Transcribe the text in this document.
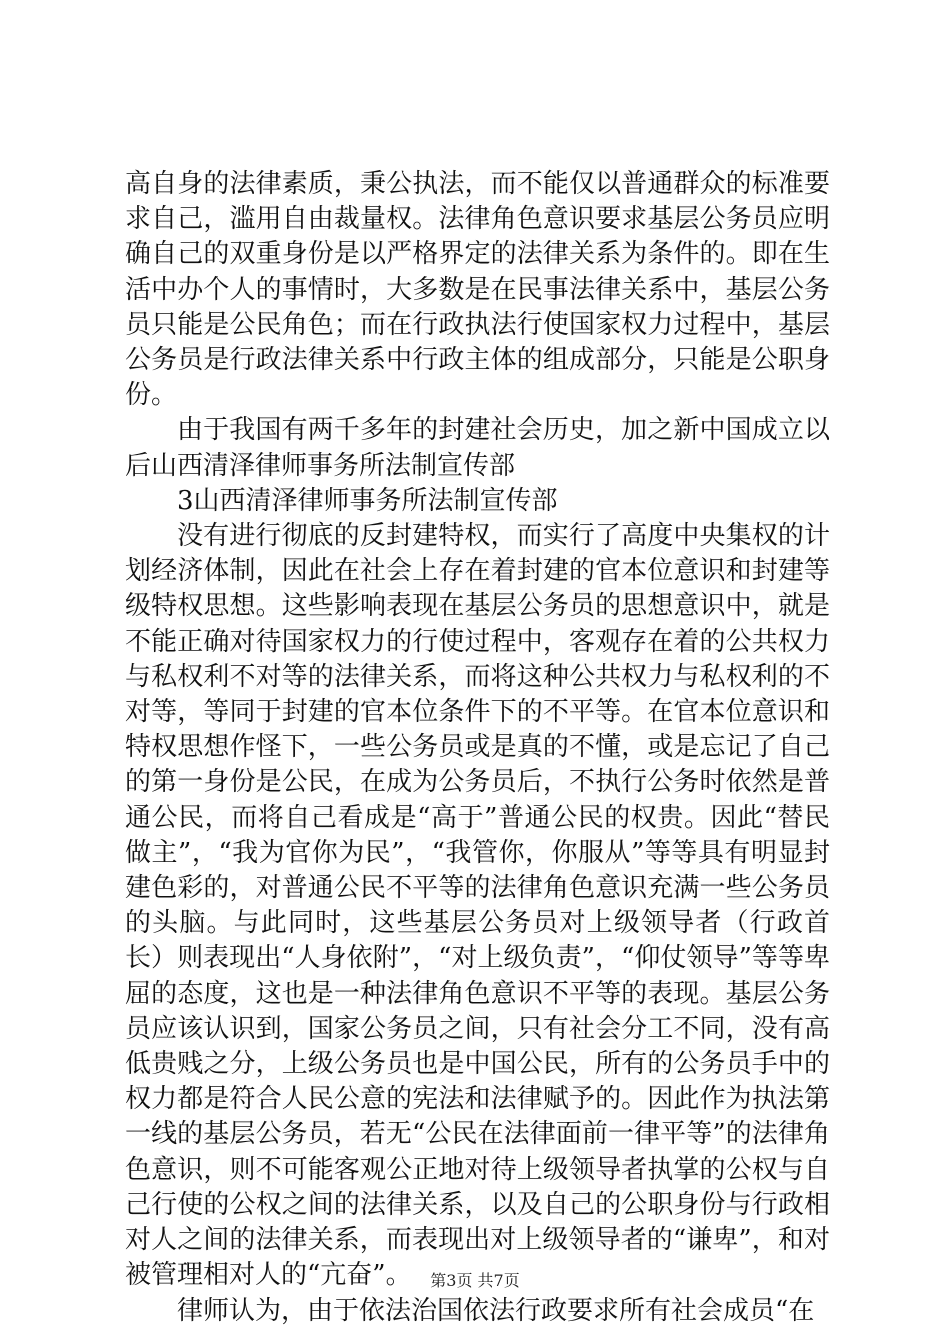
高自身的法律素质，秉公执法，而不能仅以普通群众的标准要求自己，滥用自由裁量权。法律角色意识要求基层公务员应明确自己的双重身份是以严格界定的法律关系为条件的。即在生活中办个人的事情时，大多数是在民事法律关系中，基层公务员只能是公民角色；而在行政执法行使国家权力过程中，基层公务员是行政法律关系中行政主体的组成部分，只能是公职身份。

由于我国有两千多年的封建社会历史，加之新中国成立以后山西清泽律师事务所法制宣传部

3山西清泽律师事务所法制宣传部

没有进行彻底的反封建特权，而实行了高度中央集权的计划经济体制，因此在社会上存在着封建的官本位意识和封建等级特权思想。这些影响表现在基层公务员的思想意识中，就是不能正确对待国家权力的行使过程中，客观存在着的公共权力与私权利不对等的法律关系，而将这种公共权力与私权利的不对等，等同于封建的官本位条件下的不平等。在官本位意识和特权思想作怪下，一些公务员或是真的不懂，或是忘记了自己的第一身份是公民，在成为公务员后，不执行公务时依然是普通公民，而将自己看成是“高于”普通公民的权贵。因此“替民做主”，“我为官你为民”，“我管你，你服从”等等具有明显封建色彩的，对普通公民不平等的法律角色意识充满一些公务员的头脑。与此同时，这些基层公务员对上级领导者（行政首长）则表现出“人身依附”，“对上级负责”，“仰仗领导”等等卑屈的态度，这也是一种法律角色意识不平等的表现。基层公务员应该认识到，国家公务员之间，只有社会分工不同，没有高低贵贱之分，上级公务员也是中国公民，所有的公务员手中的权力都是符合人民公意的宪法和法律赋予的。因此作为执法第一线的基层公务员，若无“公民在法律面前一律平等”的法律角色意识，则不可能客观公正地对待上级领导者执掌的公权与自己行使的公权之间的法律关系，以及自己的公职身份与行政相对人之间的法律关系，而表现出对上级领导者的“谦卑”，和对被管理相对人的“亢奋”。

律师认为，由于依法治国依法行政要求所有社会成员“在

第3页 共7页
